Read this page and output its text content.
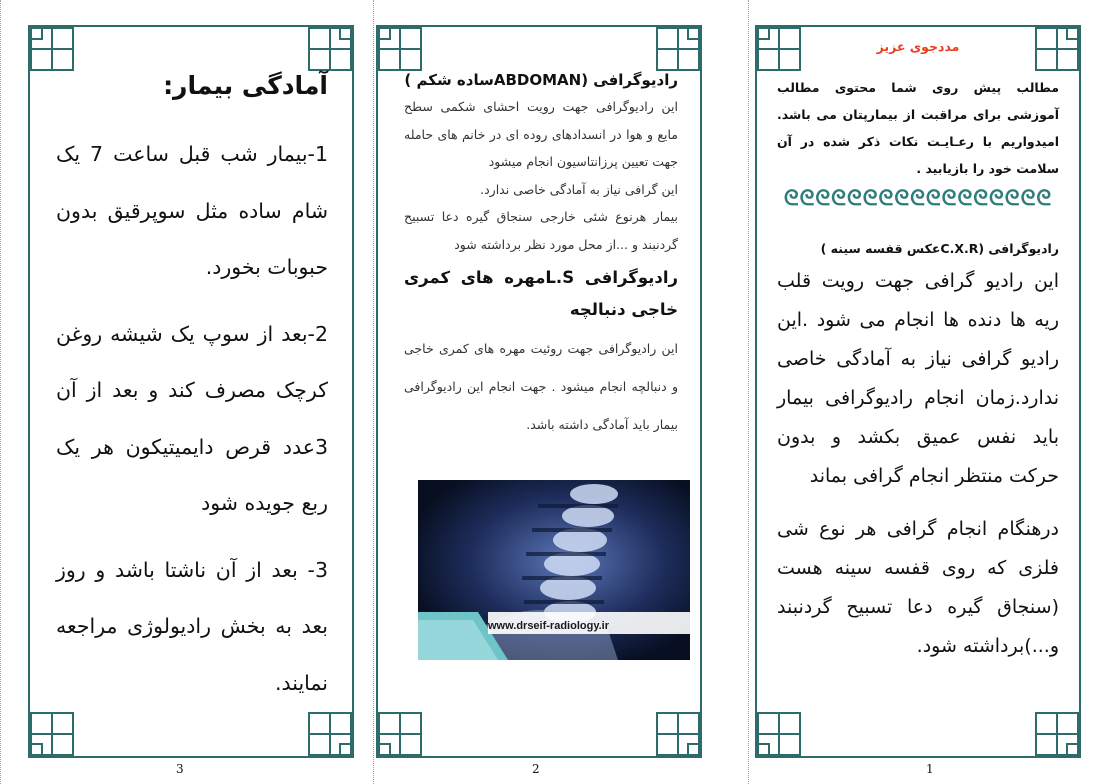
آمادگی بیمار:

1-بیمار شب قبل ساعت 7 یک شام ساده مثل سوپرقیق بدون حبوبات بخورد.

2-بعد از سوپ یک شیشه روغن کرچک مصرف کند و بعد از آن 3عدد قرص دایمیتیکون هر یک ربع جویده شود

3- بعد از آن ناشتا باشد و روز بعد به بخش رادیولوژی مراجعه نمایند.

رادیوگرافی (ABDOMANساده شکم )

این رادیوگرافی جهت رویت احشای شکمی سطح مایع و هوا در انسدادهای روده ای در خانم های حامله جهت تعیین پرزانتاسیون انجام میشود

این گرافی نیاز به آمادگی خاصی ندارد.

بیمار هرنوع شئی خارجی سنجاق گیره دعا تسبیح گردنبند و ...از محل مورد نظر برداشته شود

رادیوگرافی L.Sمهره های کمری خاجی دنبالچه

این رادیوگرافی جهت روئیت مهره های کمری خاجی و دنبالچه انجام میشود . جهت انجام این رادیوگرافی بیمار باید آمادگی داشته باشد.

www.drseif-radiology.ir

مددجوی عزیز

مطالب پیش روی شما محتوی مطالب آموزشی برای مراقبت از بیمارپتان می باشد. امیدواریم با رعـایـت نکات ذکر شده در آن سلامت خود را بازیابید .

ᘓᘓᘓᘓᘓᘓᘓᘓᘓᘓᘓᘓᘓᘓᘓᘓᘓ

رادیوگرافی (C.X.Rعکس قفسه سینه )

این رادیو گرافی جهت رویت قلب ریه ها دنده ها انجام می شود .این رادیو گرافی نیاز به آمادگی خاصی ندارد.زمان انجام رادیوگرافی بیمار باید نفس عمیق بکشد و بدون حرکت منتظر انجام گرافی بماند

درهنگام انجام گرافی هر نوع شی فلزی که روی قفسه سینه هست (سنجاق گیره دعا تسبیح گردنبند و...)برداشته شود.

3	2	1
